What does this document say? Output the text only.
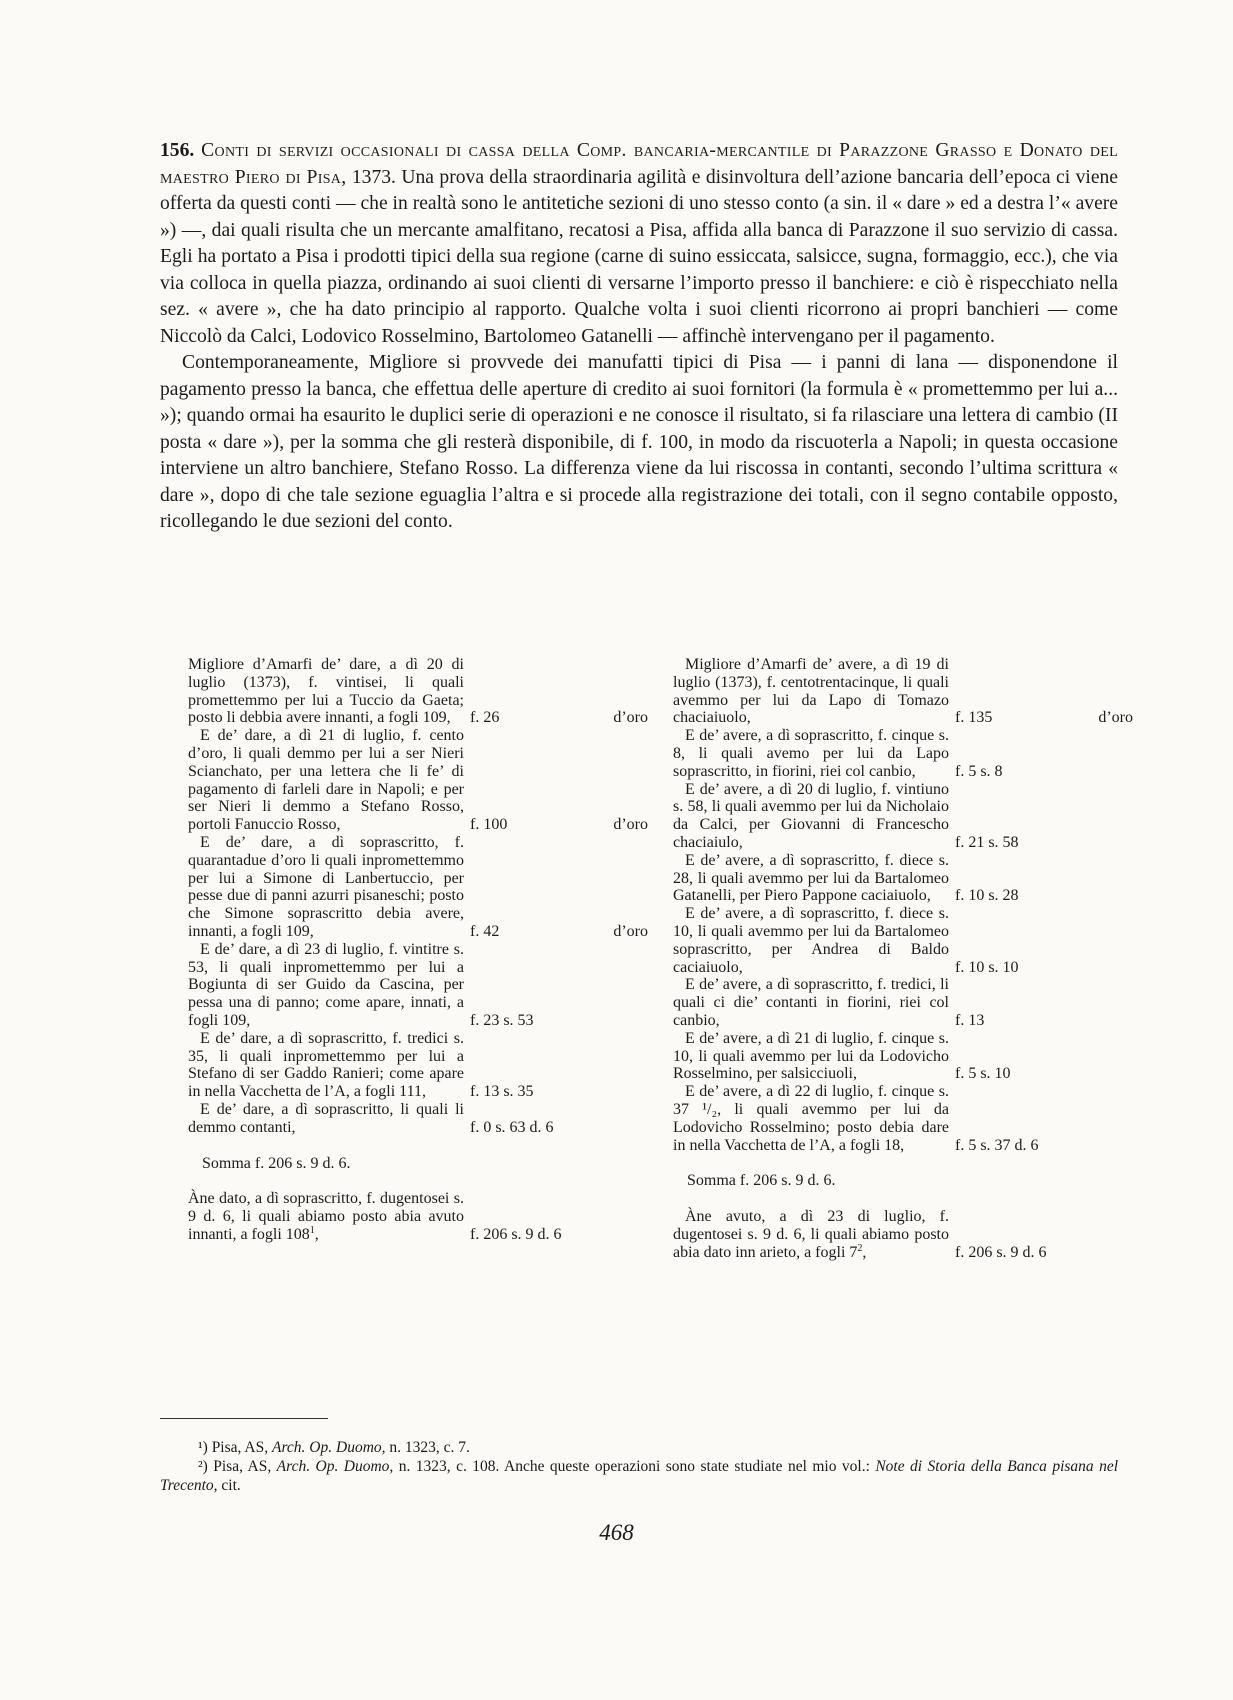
156. Conti di servizi occasionali di cassa della Comp. bancaria-mercantile di Parazzone Grasso e Donato del maestro Piero di Pisa, 1373. Una prova della straordinaria agilità e disinvoltura dell’azione bancaria dell’epoca ci viene offerta da questi conti — che in realtà sono le antitetiche sezioni di uno stesso conto (a sin. il « dare » ed a destra l’« avere ») —, dai quali risulta che un mercante amalfitano, recatosi a Pisa, affida alla banca di Parazzone il suo servizio di cassa. Egli ha portato a Pisa i prodotti tipici della sua regione (carne di suino essiccata, salsicce, sugna, formaggio, ecc.), che via via colloca in quella piazza, ordinando ai suoi clienti di versarne l’importo presso il banchiere: e ciò è rispecchiato nella sez. « avere », che ha dato principio al rapporto. Qualche volta i suoi clienti ricorrono ai propri banchieri — come Niccolò da Calci, Lodovico Rosselmino, Bartolomeo Gatanelli — affinchè intervengano per il pagamento.

Contemporaneamente, Migliore si provvede dei manufatti tipici di Pisa — i panni di lana — disponendone il pagamento presso la banca, che effettua delle aperture di credito ai suoi fornitori (la formula è « promettemmo per lui a... »); quando ormai ha esaurito le duplici serie di operazioni e ne conosce il risultato, si fa rilasciare una lettera di cambio (II posta « dare »), per la somma che gli resterà disponibile, di f. 100, in modo da riscuoterla a Napoli; in questa occasione interviene un altro banchiere, Stefano Rosso. La differenza viene da lui riscossa in contanti, secondo l’ultima scrittura « dare », dopo di che tale sezione eguaglia l’altra e si procede alla registrazione dei totali, con il segno contabile opposto, ricollegando le due sezioni del conto.

Migliore d’Amarfi de’ dare, a dì 20 di luglio (1373), f. vintisei, li quali promettemmo per lui a Tuccio da Gaeta; posto li debbia avere innanti, a fogli 109,	f. 26	d’oro
E de’ dare, a dì 21 di luglio, f. cento d’oro, li quali demmo per lui a ser Nieri Scianchato, per una lettera che li fe’ di pagamento di farleli dare in Napoli; e per ser Nieri li demmo a Stefano Rosso, portoli Fanuccio Rosso,	f. 100	d’oro
E de’ dare, a dì soprascritto, f. quarantadue d’oro li quali inpromettemmo per lui a Simone di Lanbertuccio, per pesse due di panni azurri pisaneschi; posto che Simone soprascritto debia avere, innanti, a fogli 109,	f. 42	d’oro
E de’ dare, a dì 23 di luglio, f. vintitre s. 53, li quali inpromettemmo per lui a Bogiunta di ser Guido da Cascina, per pessa una di panno; come apare, innati, a fogli 109,	f. 23 s. 53
E de’ dare, a dì soprascritto, f. tredici s. 35, li quali inpromettemmo per lui a Stefano di ser Gaddo Ranieri; come apare in nella Vacchetta de l’A, a fogli 111,	f. 13 s. 35
E de’ dare, a dì soprascritto, li quali li demmo contanti,	f. 0 s. 63 d. 6
Somma f. 206 s. 9 d. 6.
Àne dato, a dì soprascritto, f. dugentosei s. 9 d. 6, li quali abiamo posto abia avuto innanti, a fogli $108^1$,	f. 206 s. 9 d. 6
Migliore d’Amarfi de’ avere, a dì 19 di luglio (1373), f. centotrentacinque, li quali avemmo per lui da Lapo di Tomazo chaciaiuolo,	f. 135	d’oro
E de’ avere, a dì soprascritto, f. cinque s. 8, li quali avemo per lui da Lapo soprascritto, in fiorini, riei col canbio,	f. 5 s. 8
E de’ avere, a dì 20 di luglio, f. vintiuno s. 58, li quali avemmo per lui da Nicholaio da Calci, per Giovanni di Francescho chaciaiulo,	f. 21 s. 58
E de’ avere, a dì soprascritto, f. diece s. 28, li quali avemmo per lui da Bartalomeo Gatanelli, per Piero Pappone caciaiuolo,	f. 10 s. 28
E de’ avere, a dì soprascritto, f. diece s. 10, li quali avemmo per lui da Bartalomeo soprascritto, per Andrea di Baldo caciaiuolo,	f. 10 s. 10
E de’ avere, a dì soprascritto, f. tredici, li quali ci die’ contanti in fiorini, riei col canbio,	f. 13
E de’ avere, a dì 21 di luglio, f. cinque s. 10, li quali avemmo per lui da Lodovicho Rosselmino, per salsicciuoli,	f. 5 s. 10
E de’ avere, a dì 22 di luglio, f. cinque s. 37 ¹/₂, li quali avemmo per lui da Lodovicho Rosselmino; posto debia dare in nella Vacchetta de l’A, a fogli 18,	f. 5 s. 37 d. 6
Somma f. 206 s. 9 d. 6.
Àne avuto, a dì 23 di luglio, f. dugentosei s. 9 d. 6, li quali abiamo posto abia dato inn arieto, a fogli $7^2$,	f. 206 s. 9 d. 6

¹) Pisa, AS, Arch. Op. Duomo, n. 1323, c. 7.

²) Pisa, AS, Arch. Op. Duomo, n. 1323, c. 108. Anche queste operazioni sono state studiate nel mio vol.: Note di Storia della Banca pisana nel Trecento, cit.

468
